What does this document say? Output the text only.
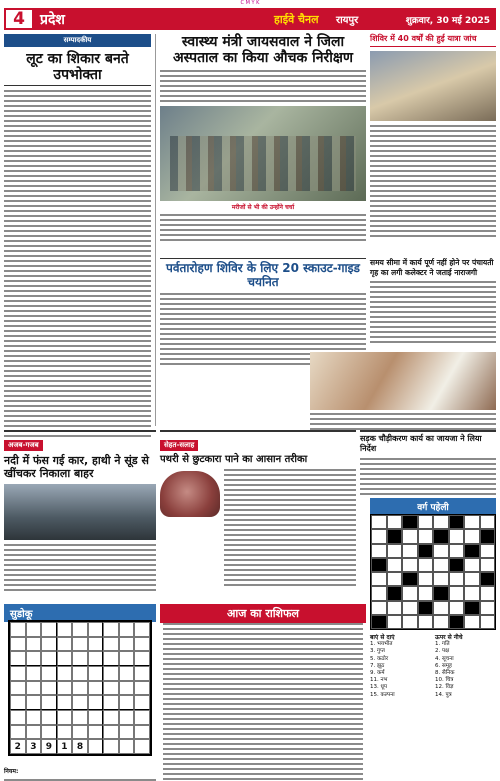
C M Y K
4	प्रदेश	हाईवे चैनल	रायपुर	शुक्रवार, 30 मई 2025
सम्पादकीय
लूट का शिकार बनते उपभोक्ता
स्वास्थ्य मंत्री जायसवाल ने जिला अस्पताल का किया औचक निरीक्षण
मरीजों से भी की उन्होंने चर्चा
शिविर में 40 वर्षों की हुई यात्रा जांच
पर्वतारोहण शिविर के लिए 20 स्काउट-गाइड चयनित
समय सीमा में कार्य पूर्ण नहीं होने पर पंचायती गृह का लगी कलेक्टर ने जताई नाराजगी
अजब-गजब
नदी में फंस गई कार, हाथी ने सूंड से खींचकर निकाला बाहर
सेहत-सलाह
पथरी से छुटकारा पाने का आसान तरीका
सड़क चौड़ीकरण कार्य का जायजा ने लिया निर्देश
वर्ग पहेली
बाएं से दाएं
1. भयभीत
3. गुप्त
5. कठोर
7. झूठ
9. कर्म
11. नभ
13. धूप
15. कल्पना
ऊपर से नीचे
1. गति
2. पक्ष
4. सूचना
6. समूह
8. सैनिक
10. चित्र
12. विज्ञ
14. पुत्र
सुडोकू
2	3	9	1	8
नियम:
आज का राशिफल
